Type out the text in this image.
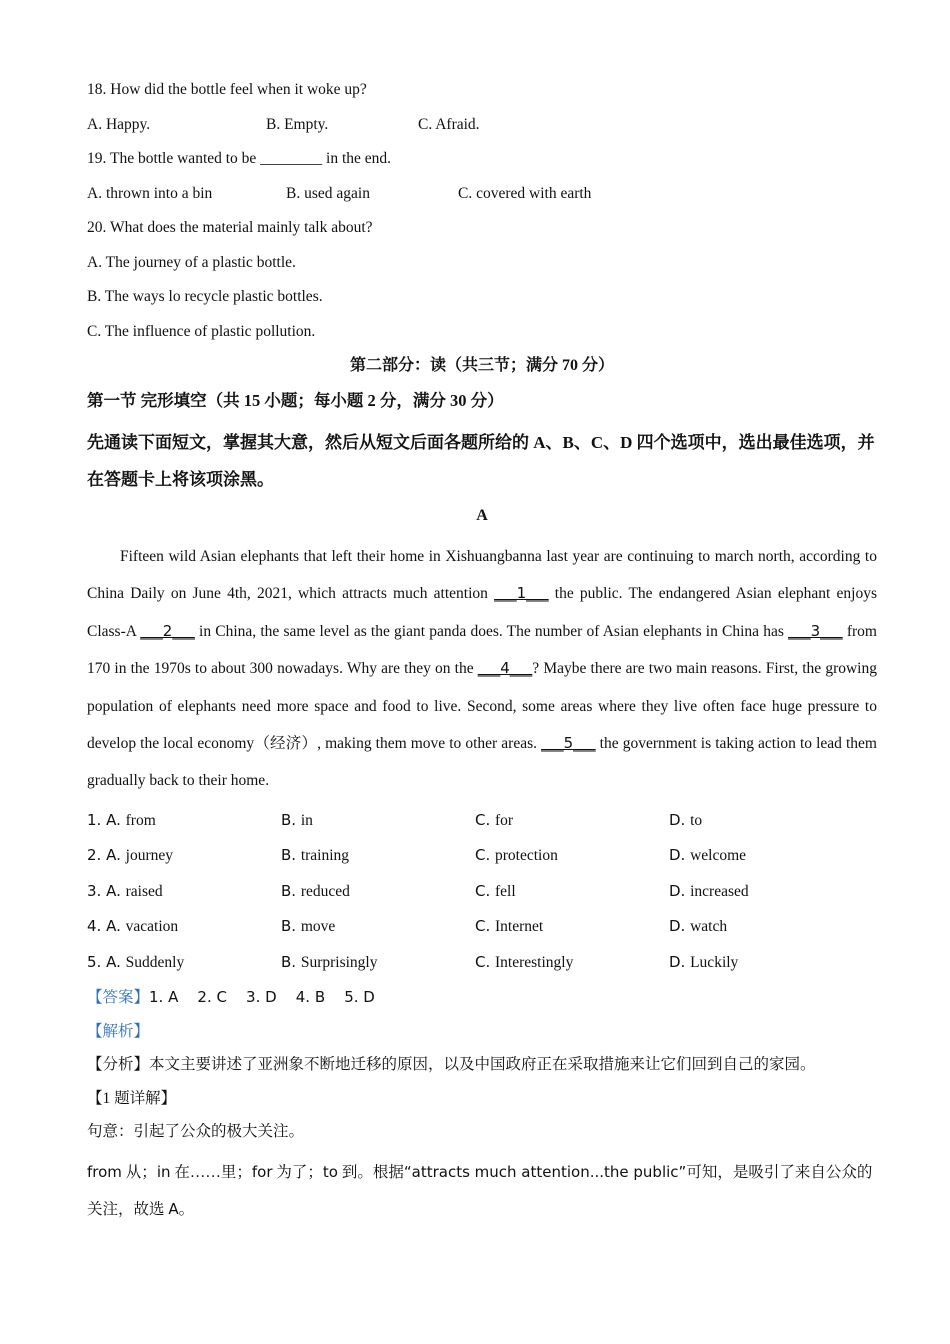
18. How did the bottle feel when it woke up?
A. Happy.	B. Empty.	C. Afraid.
19. The bottle wanted to be ________ in the end.
A. thrown into a bin	B. used again	C. covered with earth
20. What does the material mainly talk about?
A. The journey of a plastic bottle.
B. The ways lo recycle plastic bottles.
C. The influence of plastic pollution.
第二部分：读（共三节；满分 70 分）
第一节 完形填空（共 15 小题；每小题 2 分，满分 30 分）
先通读下面短文，掌握其大意，然后从短文后面各题所给的 A、B、C、D 四个选项中，选出最佳选项，并在答题卡上将该项涂黑。
A
Fifteen wild Asian elephants that left their home in Xishuangbanna last year are continuing to march north, according to China Daily on June 4th, 2021, which attracts much attention ___1___ the public. The endangered Asian elephant enjoys Class-A ___2___ in China, the same level as the giant panda does. The number of Asian elephants in China has ___3___ from 170 in the 1970s to about 300 nowadays. Why are they on the ___4___? Maybe there are two main reasons. First, the growing population of elephants need more space and food to live. Second, some areas where they live often face huge pressure to develop the local economy（经济）, making them move to other areas. ___5___ the government is taking action to lead them gradually back to their home.
1. A. from	B. in	C. for	D. to
2. A. journey	B. training	C. protection	D. welcome
3. A. raised	B. reduced	C. fell	D. increased
4. A. vacation	B. move	C. Internet	D. watch
5. A. Suddenly	B. Surprisingly	C. Interestingly	D. Luckily
【答案】1. A    2. C    3. D    4. B    5. D
【解析】
【分析】本文主要讲述了亚洲象不断地迁移的原因，以及中国政府正在采取措施来让它们回到自己的家园。
【1 题详解】
句意：引起了公众的极大关注。
from 从；in 在……里；for 为了；to 到。根据“attracts much attention...the public”可知，是吸引了来自公众的关注，故选 A。
